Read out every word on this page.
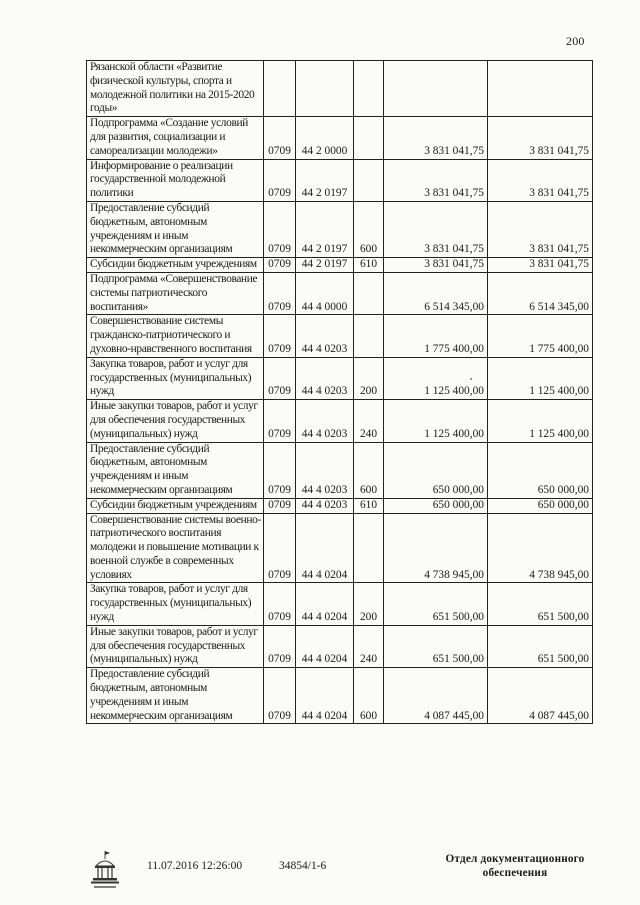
200
Рязанской области «Развитие физической культуры, спорта и молодежной политики на 2015-2020 годы»					
Подпрограмма «Создание условий для развития, социализации и самореализации молодежи»	0709	44 2 0000		3 831 041,75	3 831 041,75
Информирование о реализации государственной молодежной политики	0709	44 2 0197		3 831 041,75	3 831 041,75
Предоставление субсидий бюджетным, автономным учреждениям и иным некоммерческим организациям	0709	44 2 0197	600	3 831 041,75	3 831 041,75
Субсидии бюджетным учреждениям	0709	44 2 0197	610	3 831 041,75	3 831 041,75
Подпрограмма «Совершенствование системы патриотического воспитания»	0709	44 4 0000		6 514 345,00	6 514 345,00
Совершенствование системы гражданско-патриотического и духовно-нравственного воспитания	0709	44 4 0203		1 775 400,00	1 775 400,00
Закупка товаров, работ и услуг для государственных (муниципальных) нужд	0709	44 4 0203	200	1 125 400,00	1 125 400,00
Иные закупки товаров, работ и услуг для обеспечения государственных (муниципальных) нужд	0709	44 4 0203	240	1 125 400,00	1 125 400,00
Предоставление субсидий бюджетным, автономным учреждениям и иным некоммерческим организациям	0709	44 4 0203	600	650 000,00	650 000,00
Субсидии бюджетным учреждениям	0709	44 4 0203	610	650 000,00	650 000,00
Совершенствование системы военно-патриотического воспитания молодежи и повышение мотивации к военной службе в современных условиях	0709	44 4 0204		4 738 945,00	4 738 945,00
Закупка товаров, работ и услуг для государственных (муниципальных) нужд	0709	44 4 0204	200	651 500,00	651 500,00
Иные закупки товаров, работ и услуг для обеспечения государственных (муниципальных) нужд	0709	44 4 0204	240	651 500,00	651 500,00
Предоставление субсидий бюджетным, автономным учреждениям и иным некоммерческим организациям	0709	44 4 0204	600	4 087 445,00	4 087 445,00
11.07.2016 12:26:00	34854/1-6
Отдел документационного обеспечения
